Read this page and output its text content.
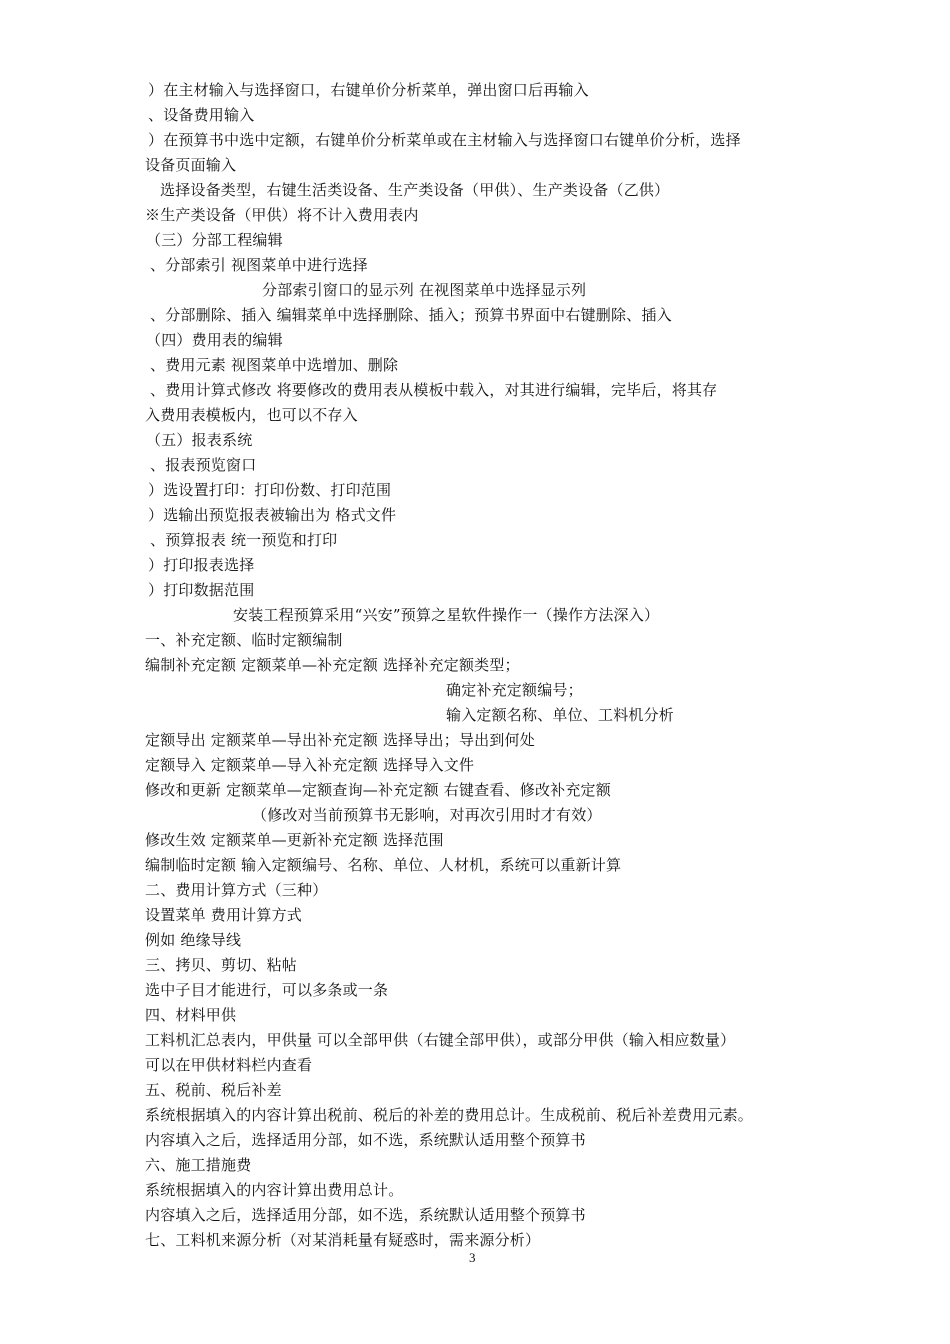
）在主材输入与选择窗口，右键单价分析菜单，弹出窗口后再输入
、设备费用输入
）在预算书中选中定额，右键单价分析菜单或在主材输入与选择窗口右键单价分析，选择
设备页面输入
选择设备类型，右键生活类设备、生产类设备（甲供）、生产类设备（乙供）
※生产类设备（甲供）将不计入费用表内
（三）分部工程编辑
、分部索引 视图菜单中进行选择
分部索引窗口的显示列 在视图菜单中选择显示列
、分部删除、插入 编辑菜单中选择删除、插入；预算书界面中右键删除、插入
（四）费用表的编辑
、费用元素 视图菜单中选增加、删除
、费用计算式修改 将要修改的费用表从模板中载入，对其进行编辑，完毕后，将其存
入费用表模板内，也可以不存入
（五）报表系统
、报表预览窗口
）选设置打印：打印份数、打印范围
）选输出预览报表被输出为 格式文件
、预算报表 统一预览和打印
）打印报表选择
）打印数据范围
安装工程预算采用“兴安”预算之星软件操作一（操作方法深入）
一、补充定额、临时定额编制
编制补充定额 定额菜单—补充定额 选择补充定额类型；
确定补充定额编号；
输入定额名称、单位、工料机分析
定额导出 定额菜单—导出补充定额 选择导出；导出到何处
定额导入 定额菜单—导入补充定额 选择导入文件
修改和更新 定额菜单—定额查询—补充定额 右键查看、修改补充定额
（修改对当前预算书无影响，对再次引用时才有效）
修改生效 定额菜单—更新补充定额 选择范围
编制临时定额 输入定额编号、名称、单位、人材机，系统可以重新计算
二、费用计算方式（三种）
设置菜单 费用计算方式
例如 绝缘导线
三、拷贝、剪切、粘帖
选中子目才能进行，可以多条或一条
四、材料甲供
工料机汇总表内，甲供量 可以全部甲供（右键全部甲供），或部分甲供（输入相应数量）
可以在甲供材料栏内查看
五、税前、税后补差
系统根据填入的内容计算出税前、税后的补差的费用总计。生成税前、税后补差费用元素。
内容填入之后，选择适用分部，如不选，系统默认适用整个预算书
六、施工措施费
系统根据填入的内容计算出费用总计。
内容填入之后，选择适用分部，如不选，系统默认适用整个预算书
七、工料机来源分析（对某消耗量有疑惑时，需来源分析）
3
